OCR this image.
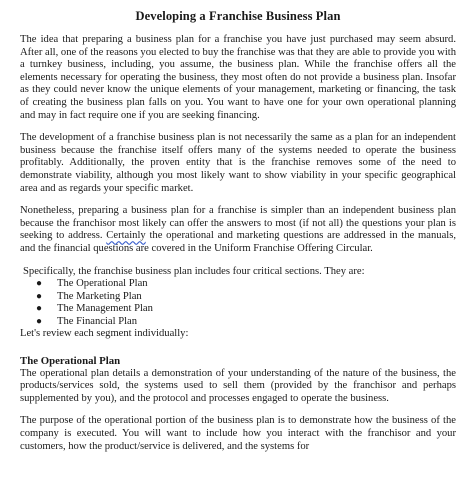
Developing a Franchise Business Plan

The idea that preparing a business plan for a franchise you have just purchased may seem absurd. After all, one of the reasons you elected to buy the franchise was that they are able to provide you with a turnkey business, including, you assume, the business plan. While the franchise offers all the elements necessary for operating the business, they most often do not provide a business plan. Insofar as they could never know the unique elements of your management, marketing or financing, the task of creating the business plan falls on you. You want to have one for your own operational planning and may in fact require one if you are seeking financing.

The development of a franchise business plan is not necessarily the same as a plan for an independent business because the franchise itself offers many of the systems needed to operate the business profitably. Additionally, the proven entity that is the franchise removes some of the need to demonstrate viability, although you most likely want to show viability in your specific geographical area and as regards your specific market.

Nonetheless, preparing a business plan for a franchise is simpler than an independent business plan because the franchisor most likely can offer the answers to most (if not all) the questions your plan is seeking to address. Certainly the operational and marketing questions are addressed in the manuals, and the financial questions are covered in the Uniform Franchise Offering Circular.

Specifically, the franchise business plan includes four critical sections. They are:

●	The Operational Plan
●	The Marketing Plan
●	The Management Plan
●	The Financial Plan

Let's review each segment individually:

The Operational Plan

The operational plan details a demonstration of your understanding of the nature of the business, the products/services sold, the systems used to sell them (provided by the franchisor and perhaps supplemented by you), and the protocol and processes engaged to operate the business.

The purpose of the operational portion of the business plan is to demonstrate how the business of the company is executed. You will want to include how you interact with the franchisor and your customers, how the product/service is delivered, and the systems for
